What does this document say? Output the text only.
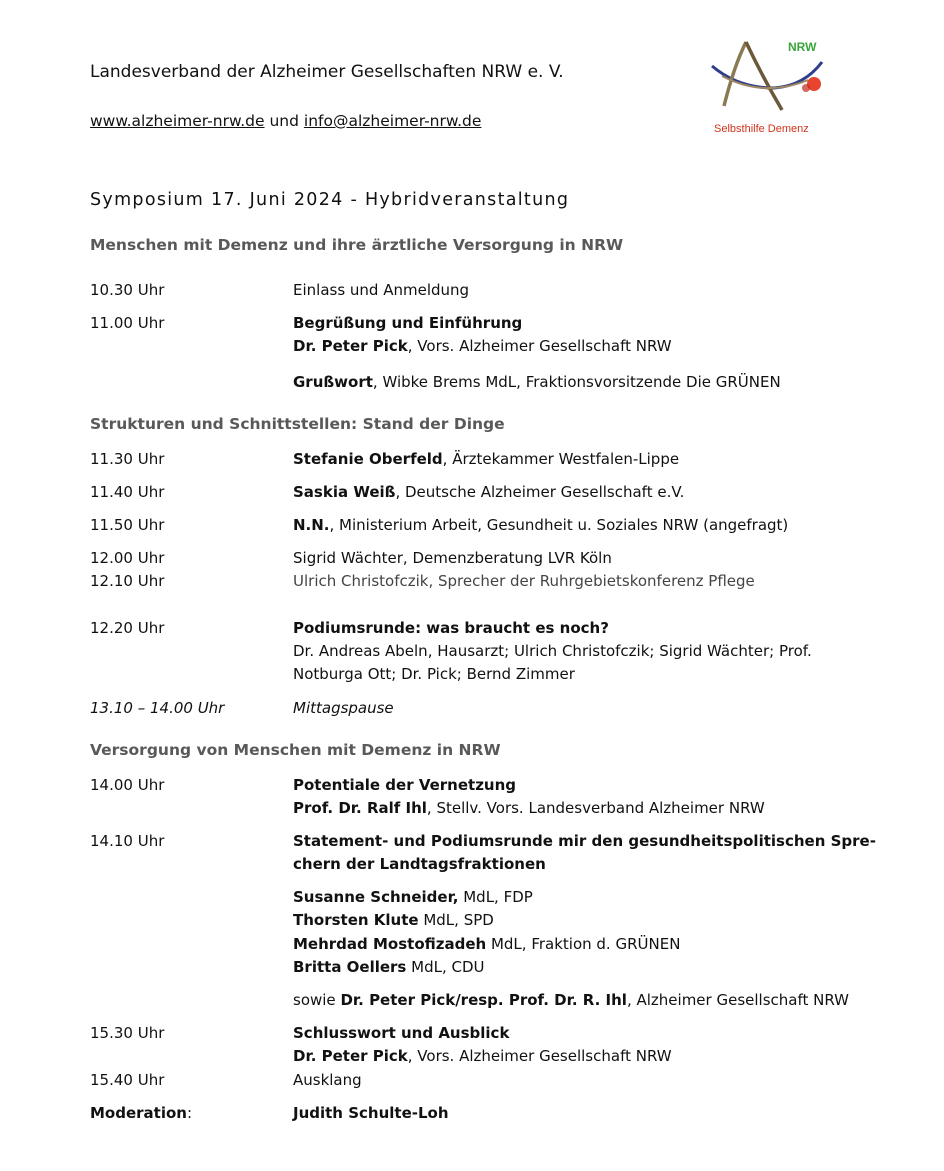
Landesverband der Alzheimer Gesellschaften NRW e. V.
www.alzheimer-nrw.de und info@alzheimer-nrw.de
NRW
Selbsthilfe Demenz
Symposium 17. Juni 2024 - Hybridveranstaltung
Menschen mit Demenz und ihre ärztliche Versorgung in NRW
10.30 Uhr	Einlass und Anmeldung
11.00 Uhr	Begrüßung und Einführung
Dr. Peter Pick, Vors. Alzheimer Gesellschaft NRW
Grußwort, Wibke Brems MdL, Fraktionsvorsitzende Die GRÜNEN
Strukturen und Schnittstellen: Stand der Dinge
11.30 Uhr	Stefanie Oberfeld, Ärztekammer Westfalen-Lippe
11.40 Uhr	Saskia Weiß, Deutsche Alzheimer Gesellschaft e.V.
11.50 Uhr	N.N., Ministerium Arbeit, Gesundheit u. Soziales NRW (angefragt)
12.00 Uhr	Sigrid Wächter, Demenzberatung LVR Köln
12.10 Uhr	Ulrich Christofczik, Sprecher der Ruhrgebietskonferenz Pflege
12.20 Uhr	Podiumsrunde: was braucht es noch?
Dr. Andreas Abeln, Hausarzt; Ulrich Christofczik; Sigrid Wächter; Prof.
Notburga Ott; Dr. Pick; Bernd Zimmer
13.10 – 14.00 Uhr	Mittagspause
Versorgung von Menschen mit Demenz in NRW
14.00 Uhr	Potentiale der Vernetzung
Prof. Dr. Ralf Ihl, Stellv. Vors. Landesverband Alzheimer NRW
14.10 Uhr	Statement- und Podiumsrunde mir den gesundheitspolitischen Spre-
chern der Landtagsfraktionen
Susanne Schneider, MdL, FDP
Thorsten Klute MdL, SPD
Mehrdad Mostofizadeh MdL, Fraktion d. GRÜNEN
Britta Oellers MdL, CDU
sowie Dr. Peter Pick/resp. Prof. Dr. R. Ihl, Alzheimer Gesellschaft NRW
15.30 Uhr	Schlusswort und Ausblick
Dr. Peter Pick, Vors. Alzheimer Gesellschaft NRW
15.40 Uhr	Ausklang
Moderation:	Judith Schulte-Loh
